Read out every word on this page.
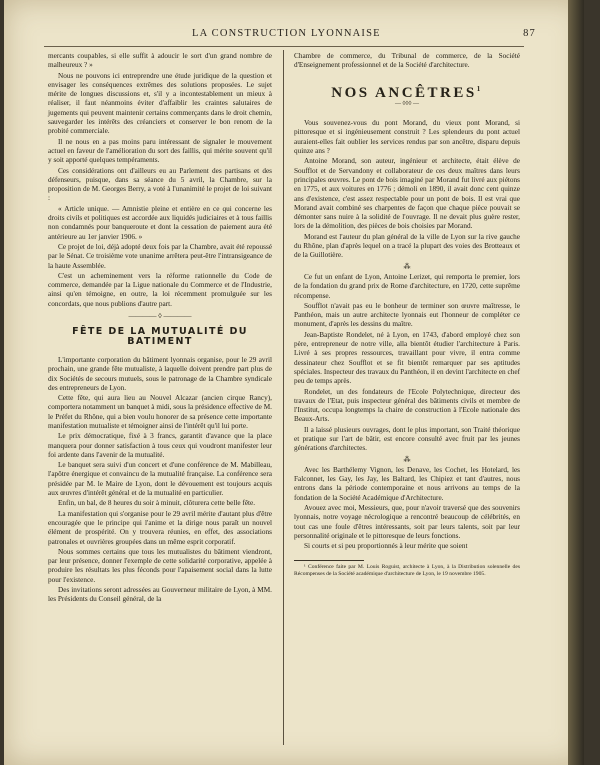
LA CONSTRUCTION LYONNAISE	87

mercants coupables, si elle suffit à adoucir le sort d'un grand nombre de malheureux ? »

Nous ne pouvons ici entreprendre une étude juridique de la question et envisager les conséquences extrêmes des solutions proposées. Le sujet mérite de longues discussions et, s'il y a incontestablement un mieux à réaliser, il faut néanmoins éviter d'affaiblir les craintes salutaires de jugements qui peuvent maintenir certains commerçants dans le droit chemin, sauvegarder les intérêts des créanciers et conserver le bon renom de la probité commerciale.

Il ne nous en a pas moins paru intéressant de signaler le mouvement actuel en faveur de l'amélioration du sort des faillis, qui mérite souvent qu'il y soit apporté quelques tempéraments.

Ces considérations ont d'ailleurs eu au Parlement des partisans et des défenseurs, puisque, dans sa séance du 5 avril, la Chambre, sur la proposition de M. Georges Berry, a voté à l'unanimité le projet de loi suivant :

« Article unique. — Amnistie pleine et entière en ce qui concerne les droits civils et politiques est accordée aux liquidés judiciaires et à tous faillis non condamnés pour banqueroute et dont la cessation de paiement aura été antérieure au 1er janvier 1906. »

Ce projet de loi, déjà adopté deux fois par la Chambre, avait été repoussé par le Sénat. Ce troisième vote unanime arrêtera peut-être l'intransigeance de la haute Assemblée.

C'est un acheminement vers la réforme rationnelle du Code de commerce, demandée par la Ligue nationale du Commerce et de l'Industrie, ainsi qu'en témoigne, en outre, la loi récemment promulguée sur les concordats, que nous publions d'autre part.

———— ◊ ————
FÊTE DE LA MUTUALITÉ DU BATIMENT

L'importante corporation du bâtiment lyonnais organise, pour le 29 avril prochain, une grande fête mutualiste, à laquelle doivent prendre part plus de dix Sociétés de secours mutuels, sous le patronage de la Chambre syndicale des entrepreneurs de Lyon.

Cette fête, qui aura lieu au Nouvel Alcazar (ancien cirque Rancy), comportera notamment un banquet à midi, sous la présidence effective de M. le Préfet du Rhône, qui a bien voulu honorer de sa présence cette importante manifestation mutualiste et témoigner ainsi de l'intérêt qu'il lui porte.

Le prix démocratique, fixé à 3 francs, garantit d'avance que la place manquera pour donner satisfaction à tous ceux qui voudront manifester leur foi ardente dans l'avenir de la mutualité.

Le banquet sera suivi d'un concert et d'une conférence de M. Mabilleau, l'apôtre énergique et convaincu de la mutualité française. La conférence sera présidée par M. le Maire de Lyon, dont le dévouement est toujours acquis aux œuvres d'intérêt général et de la mutualité en particulier.

Enfin, un bal, de 8 heures du soir à minuit, clôturera cette belle fête.

La manifestation qui s'organise pour le 29 avril mérite d'autant plus d'être encouragée que le principe qui l'anime et la dirige nous paraît un nouvel élément de prospérité. On y trouvera réunies, en effet, des associations patronales et ouvrières groupées dans un même esprit corporatif.

Nous sommes certains que tous les mutualistes du bâtiment viendront, par leur présence, donner l'exemple de cette solidarité corporative, appelée à produire les résultats les plus féconds pour l'apaisement social dans la lutte pour l'existence.

Des invitations seront adressées au Gouverneur militaire de Lyon, à MM. les Présidents du Conseil général, de la

Chambre de commerce, du Tribunal de commerce, de la Société d'Enseignement professionnel et de la Société d'architecture.

NOS ANCÊTRES$^1$
— ◊◊◊ —

Vous souvenez-vous du pont Morand, du vieux pont Morand, si pittoresque et si ingénieusement construit ? Les splendeurs du pont actuel auraient-elles fait oublier les services rendus par son ancêtre, disparu depuis quinze ans ?

Antoine Morand, son auteur, ingénieur et architecte, était élève de Soufflot et de Servandony et collaborateur de ces deux maîtres dans leurs principales œuvres. Le pont de bois imaginé par Morand fut livré aux piétons en 1775, et aux voitures en 1776 ; démoli en 1890, il avait donc cent quinze ans d'existence, c'est assez respectable pour un pont de bois. Il est vrai que Morand avait combiné ses charpentes de façon que chaque pièce pouvait se démonter sans nuire à la solidité de l'ouvrage. Il ne devait plus guère rester, lors de la démolition, des pièces de bois choisies par Morand.

Morand est l'auteur du plan général de la ville de Lyon sur la rive gauche du Rhône, plan d'après lequel on a tracé la plupart des voies des Brotteaux et de la Guillotière.

⁂

Ce fut un enfant de Lyon, Antoine Lerizet, qui remporta le premier, lors de la fondation du grand prix de Rome d'architecture, en 1720, cette suprême récompense.

Soufflot n'avait pas eu le bonheur de terminer son œuvre maîtresse, le Panthéon, mais un autre architecte lyonnais eut l'honneur de compléter ce monument, d'après les dessins du maître.

Jean-Baptiste Rondelet, né à Lyon, en 1743, d'abord employé chez son père, entrepreneur de notre ville, alla bientôt étudier l'architecture à Paris. Livré à ses propres ressources, travaillant pour vivre, il entra comme dessinateur chez Soufflot et se fit bientôt remarquer par ses aptitudes spéciales. Inspecteur des travaux du Panthéon, il en devint l'architecte en chef peu de temps après.

Rondelet, un des fondateurs de l'Ecole Polytechnique, directeur des travaux de l'Etat, puis inspecteur général des bâtiments civils et membre de l'Institut, occupa longtemps la chaire de construction à l'Ecole nationale des Beaux-Arts.

Il a laissé plusieurs ouvrages, dont le plus important, son Traité théorique et pratique sur l'art de bâtir, est encore consulté avec fruit par les jeunes générations d'architectes.

⁂

Avec les Barthélemy Vignon, les Denave, les Cochet, les Hotelard, les Falconnet, les Gay, les Jay, les Baltard, les Chipiez et tant d'autres, nous entrons dans la période contemporaine et nous arrivons au temps de la fondation de la Société Académique d'Architecture.

Avouez avec moi, Messieurs, que, pour n'avoir traversé que des souvenirs lyonnais, notre voyage nécrologique a rencontré beaucoup de célébrités, en tout cas une foule d'êtres intéressants, soit par leurs talents, soit par leur personnalité originale et le pittoresque de leurs fonctions.

Si courts et si peu proportionnés à leur mérite que soient

¹ Conférence faite par M. Louis Roguist, architecte à Lyon, à la Distribution solennelle des Récompenses de la Société académique d'architecture de Lyon, le 19 novembre 1905.
